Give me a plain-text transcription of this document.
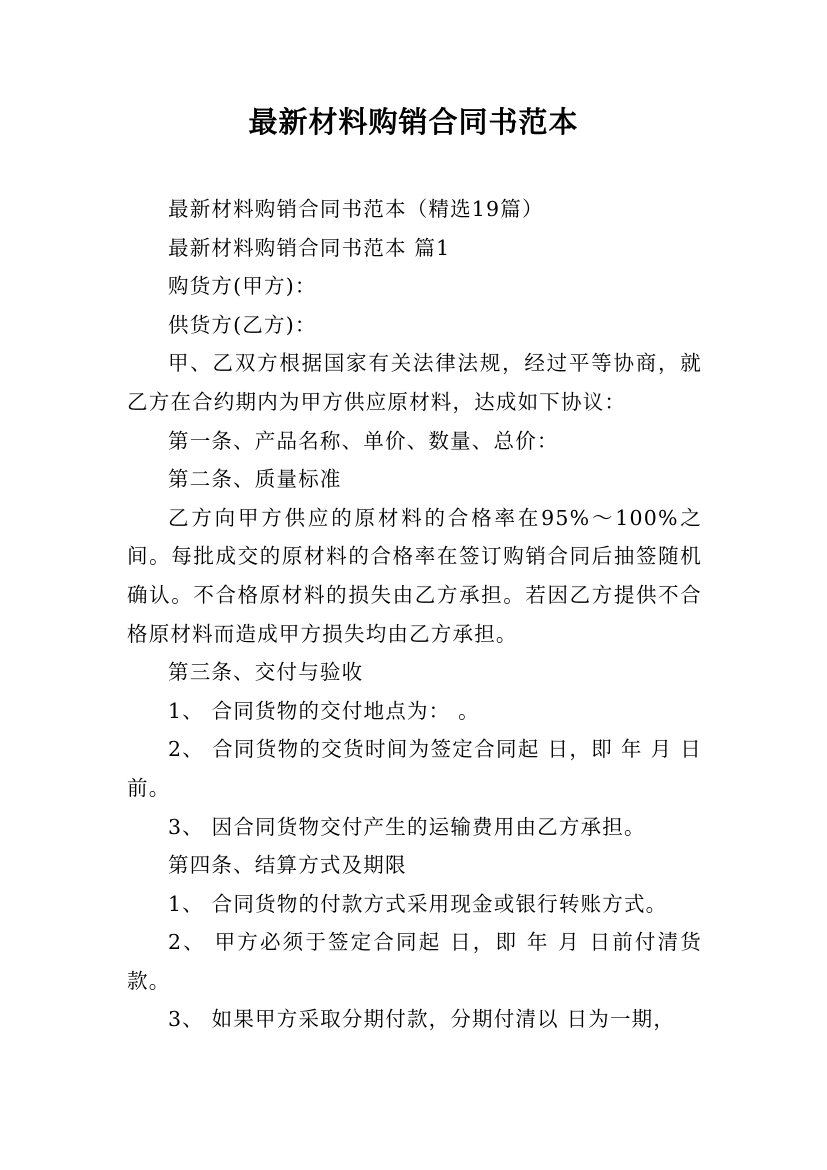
最新材料购销合同书范本

最新材料购销合同书范本（精选19篇）

最新材料购销合同书范本 篇1

购货方(甲方)：

供货方(乙方)：

甲、乙双方根据国家有关法律法规，经过平等协商，就乙方在合约期内为甲方供应原材料，达成如下协议：

第一条、产品名称、单价、数量、总价：

第二条、质量标准

乙方向甲方供应的原材料的合格率在95%～100%之间。每批成交的原材料的合格率在签订购销合同后抽签随机确认。不合格原材料的损失由乙方承担。若因乙方提供不合格原材料而造成甲方损失均由乙方承担。

第三条、交付与验收

1、 合同货物的交付地点为： 。

2、 合同货物的交货时间为签定合同起 日，即 年 月 日前。

3、 因合同货物交付产生的运输费用由乙方承担。

第四条、结算方式及期限

1、 合同货物的付款方式采用现金或银行转账方式。

2、 甲方必须于签定合同起 日，即 年 月 日前付清货款。

3、 如果甲方采取分期付款，分期付清以 日为一期，
